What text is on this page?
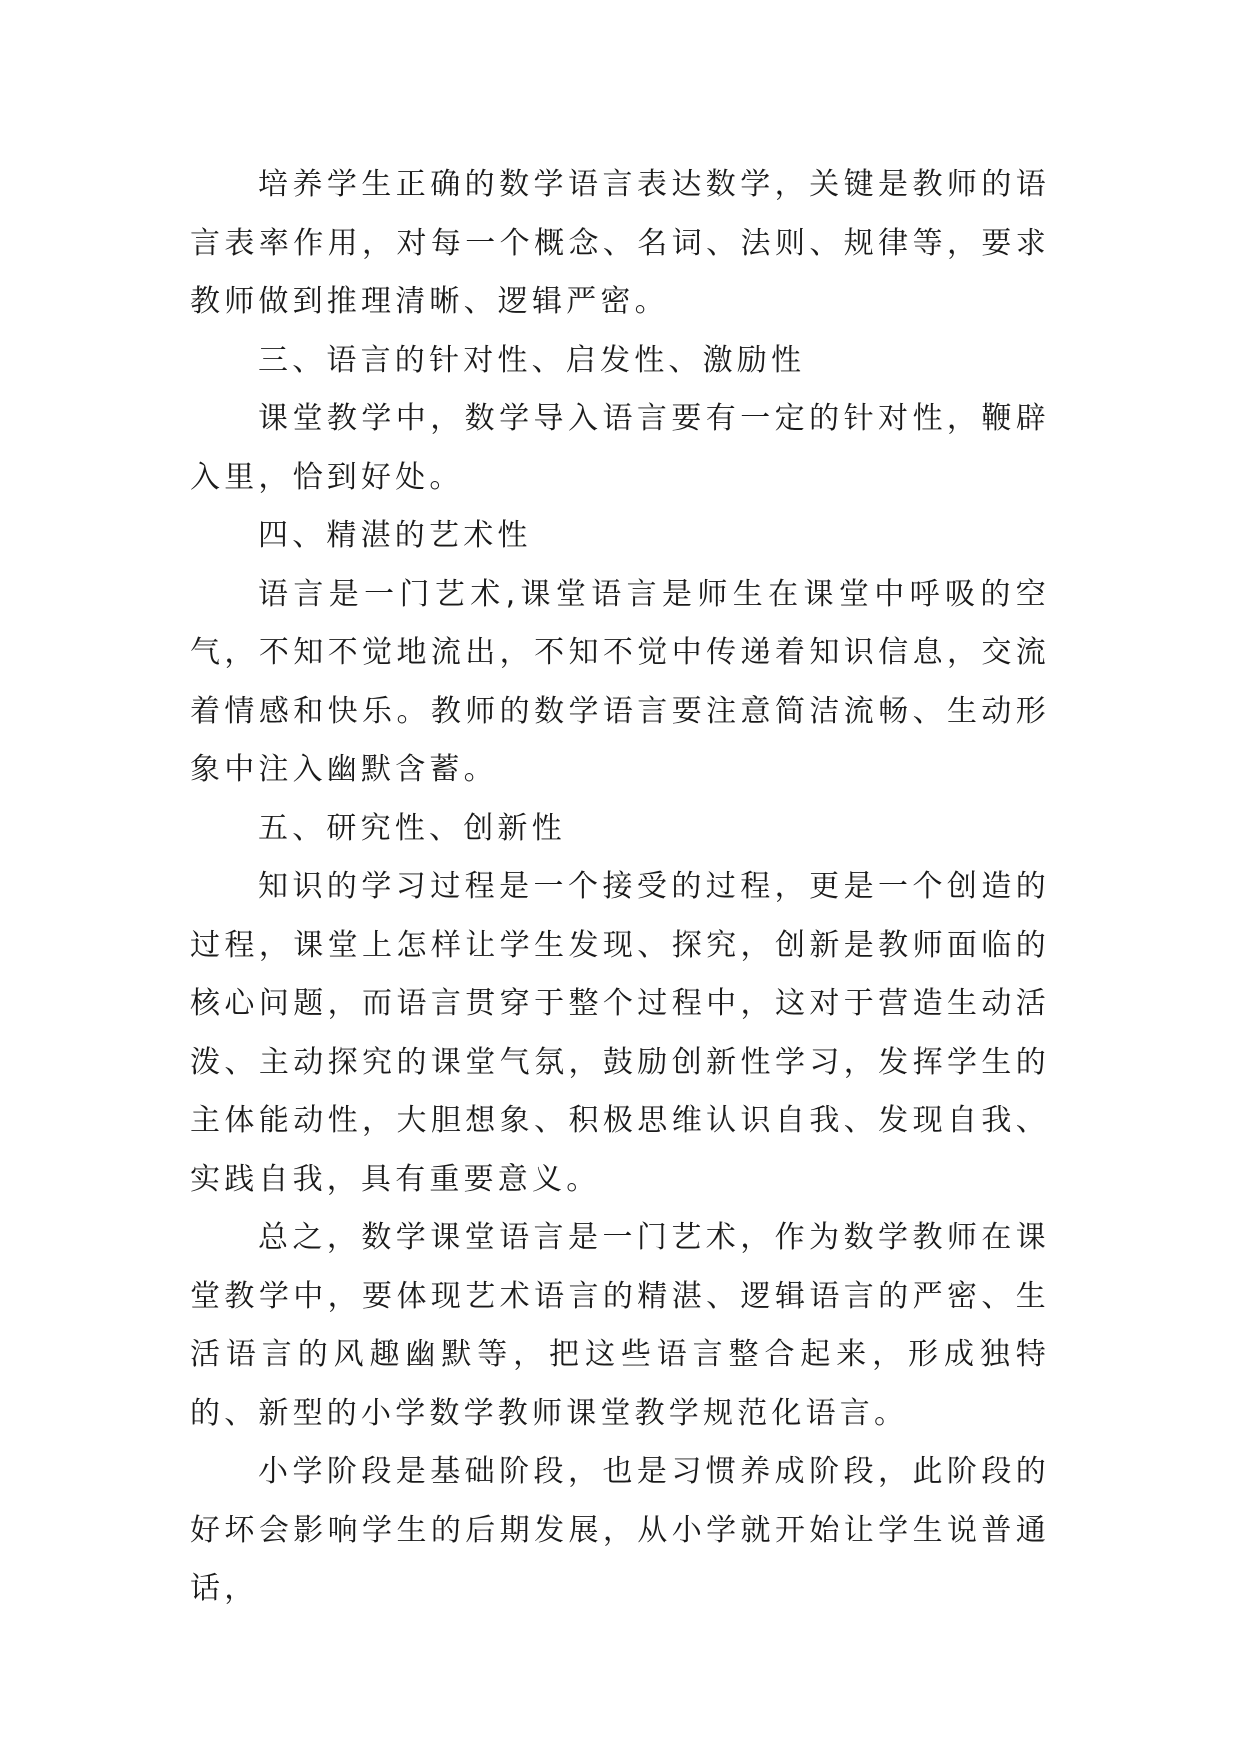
培养学生正确的数学语言表达数学，关键是教师的语言表率作用，对每一个概念、名词、法则、规律等，要求教师做到推理清晰、逻辑严密。

三、语言的针对性、启发性、激励性

课堂教学中，数学导入语言要有一定的针对性，鞭辟入里，恰到好处。

四、精湛的艺术性

语言是一门艺术,课堂语言是师生在课堂中呼吸的空气，不知不觉地流出，不知不觉中传递着知识信息，交流着情感和快乐。教师的数学语言要注意简洁流畅、生动形象中注入幽默含蓄。

五、研究性、创新性

知识的学习过程是一个接受的过程，更是一个创造的过程，课堂上怎样让学生发现、探究，创新是教师面临的核心问题，而语言贯穿于整个过程中，这对于营造生动活泼、主动探究的课堂气氛，鼓励创新性学习，发挥学生的主体能动性，大胆想象、积极思维认识自我、发现自我、实践自我，具有重要意义。

总之，数学课堂语言是一门艺术，作为数学教师在课堂教学中，要体现艺术语言的精湛、逻辑语言的严密、生活语言的风趣幽默等，把这些语言整合起来，形成独特的、新型的小学数学教师课堂教学规范化语言。

小学阶段是基础阶段，也是习惯养成阶段，此阶段的好坏会影响学生的后期发展，从小学就开始让学生说普通话，
